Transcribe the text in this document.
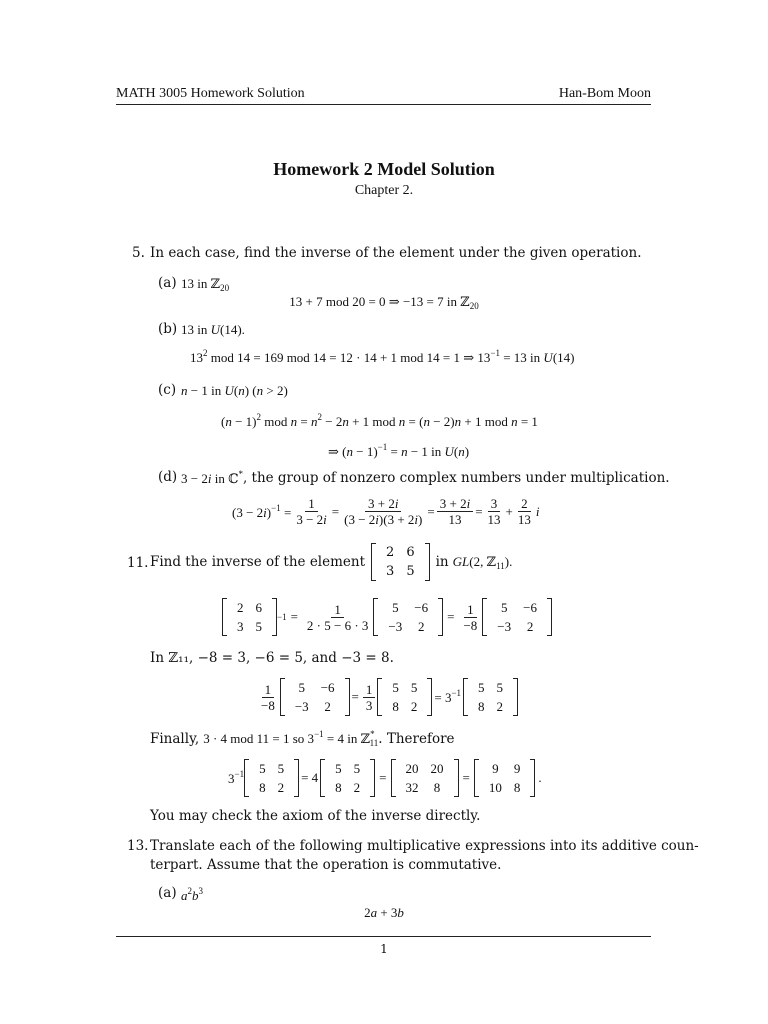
MATH 3005 Homework Solution	Han-Bom Moon
Homework 2 Model Solution
Chapter 2.
5. In each case, find the inverse of the element under the given operation.
(a) 13 in ℤ$_{20}$
13 + 7 mod 20 = 0 ⇒ −13 = 7 in ℤ$_{20}$
(b) 13 in U(14).
$13^2$ mod 14 = 169 mod 14 = 12 · 14 + 1 mod 14 = 1 ⇒ $13^{-1} = 13$ in U(14)
(c) n − 1 in U(n) (n > 2)
$(n - 1)^2$ mod $n = n^2 - 2n + 1$ mod n = (n − 2)n + 1 mod n = 1
⇒ $(n - 1)^{-1} = n - 1$ in U(n)
(d) 3 − 2i in ℂ* , the group of nonzero complex numbers under multiplication.
$(3 - 2i)^{-1} = \frac{1}{3 - 2i} = \frac{3 + 2i}{(3 - 2i)(3 + 2i)} = \frac{3 + 2i}{13} = \frac{3}{13} + \frac{2}{13}$ i
11. Find the inverse of the element
2	6
3	5
in GL(2, ℤ$_{11}$).
2	6
3	5
$-1 = \frac{1}{2 \cdot 5 - 6 \cdot 3} 5$	−6
−3	2
= $\frac{1}{-8} 5$	−6
−3	2
In ℤ₁₁, −8 = 3, −6 = 5, and −3 = 8.
$\frac{1}{-8} 5$	−6
−3	2
= $\frac{1}{3} 5$	5
8	2
= $3^{-1}$ 5	5
8	2
Finally, 3 · 4 mod 11 = 1 so $3^{-1} = 4$ in ℤ*$_{11}$ . Therefore
$3^{-1}$ 5	5
8	2
= 4
5	5
8	2
=
20	20
32	8
=
9	9
10	8
.
You may check the axiom of the inverse directly.
13. Translate each of the following multiplicative expressions into its additive coun-
terpart. Assume that the operation is commutative.
(a) $a^2b^3$
2a + 3b
1
